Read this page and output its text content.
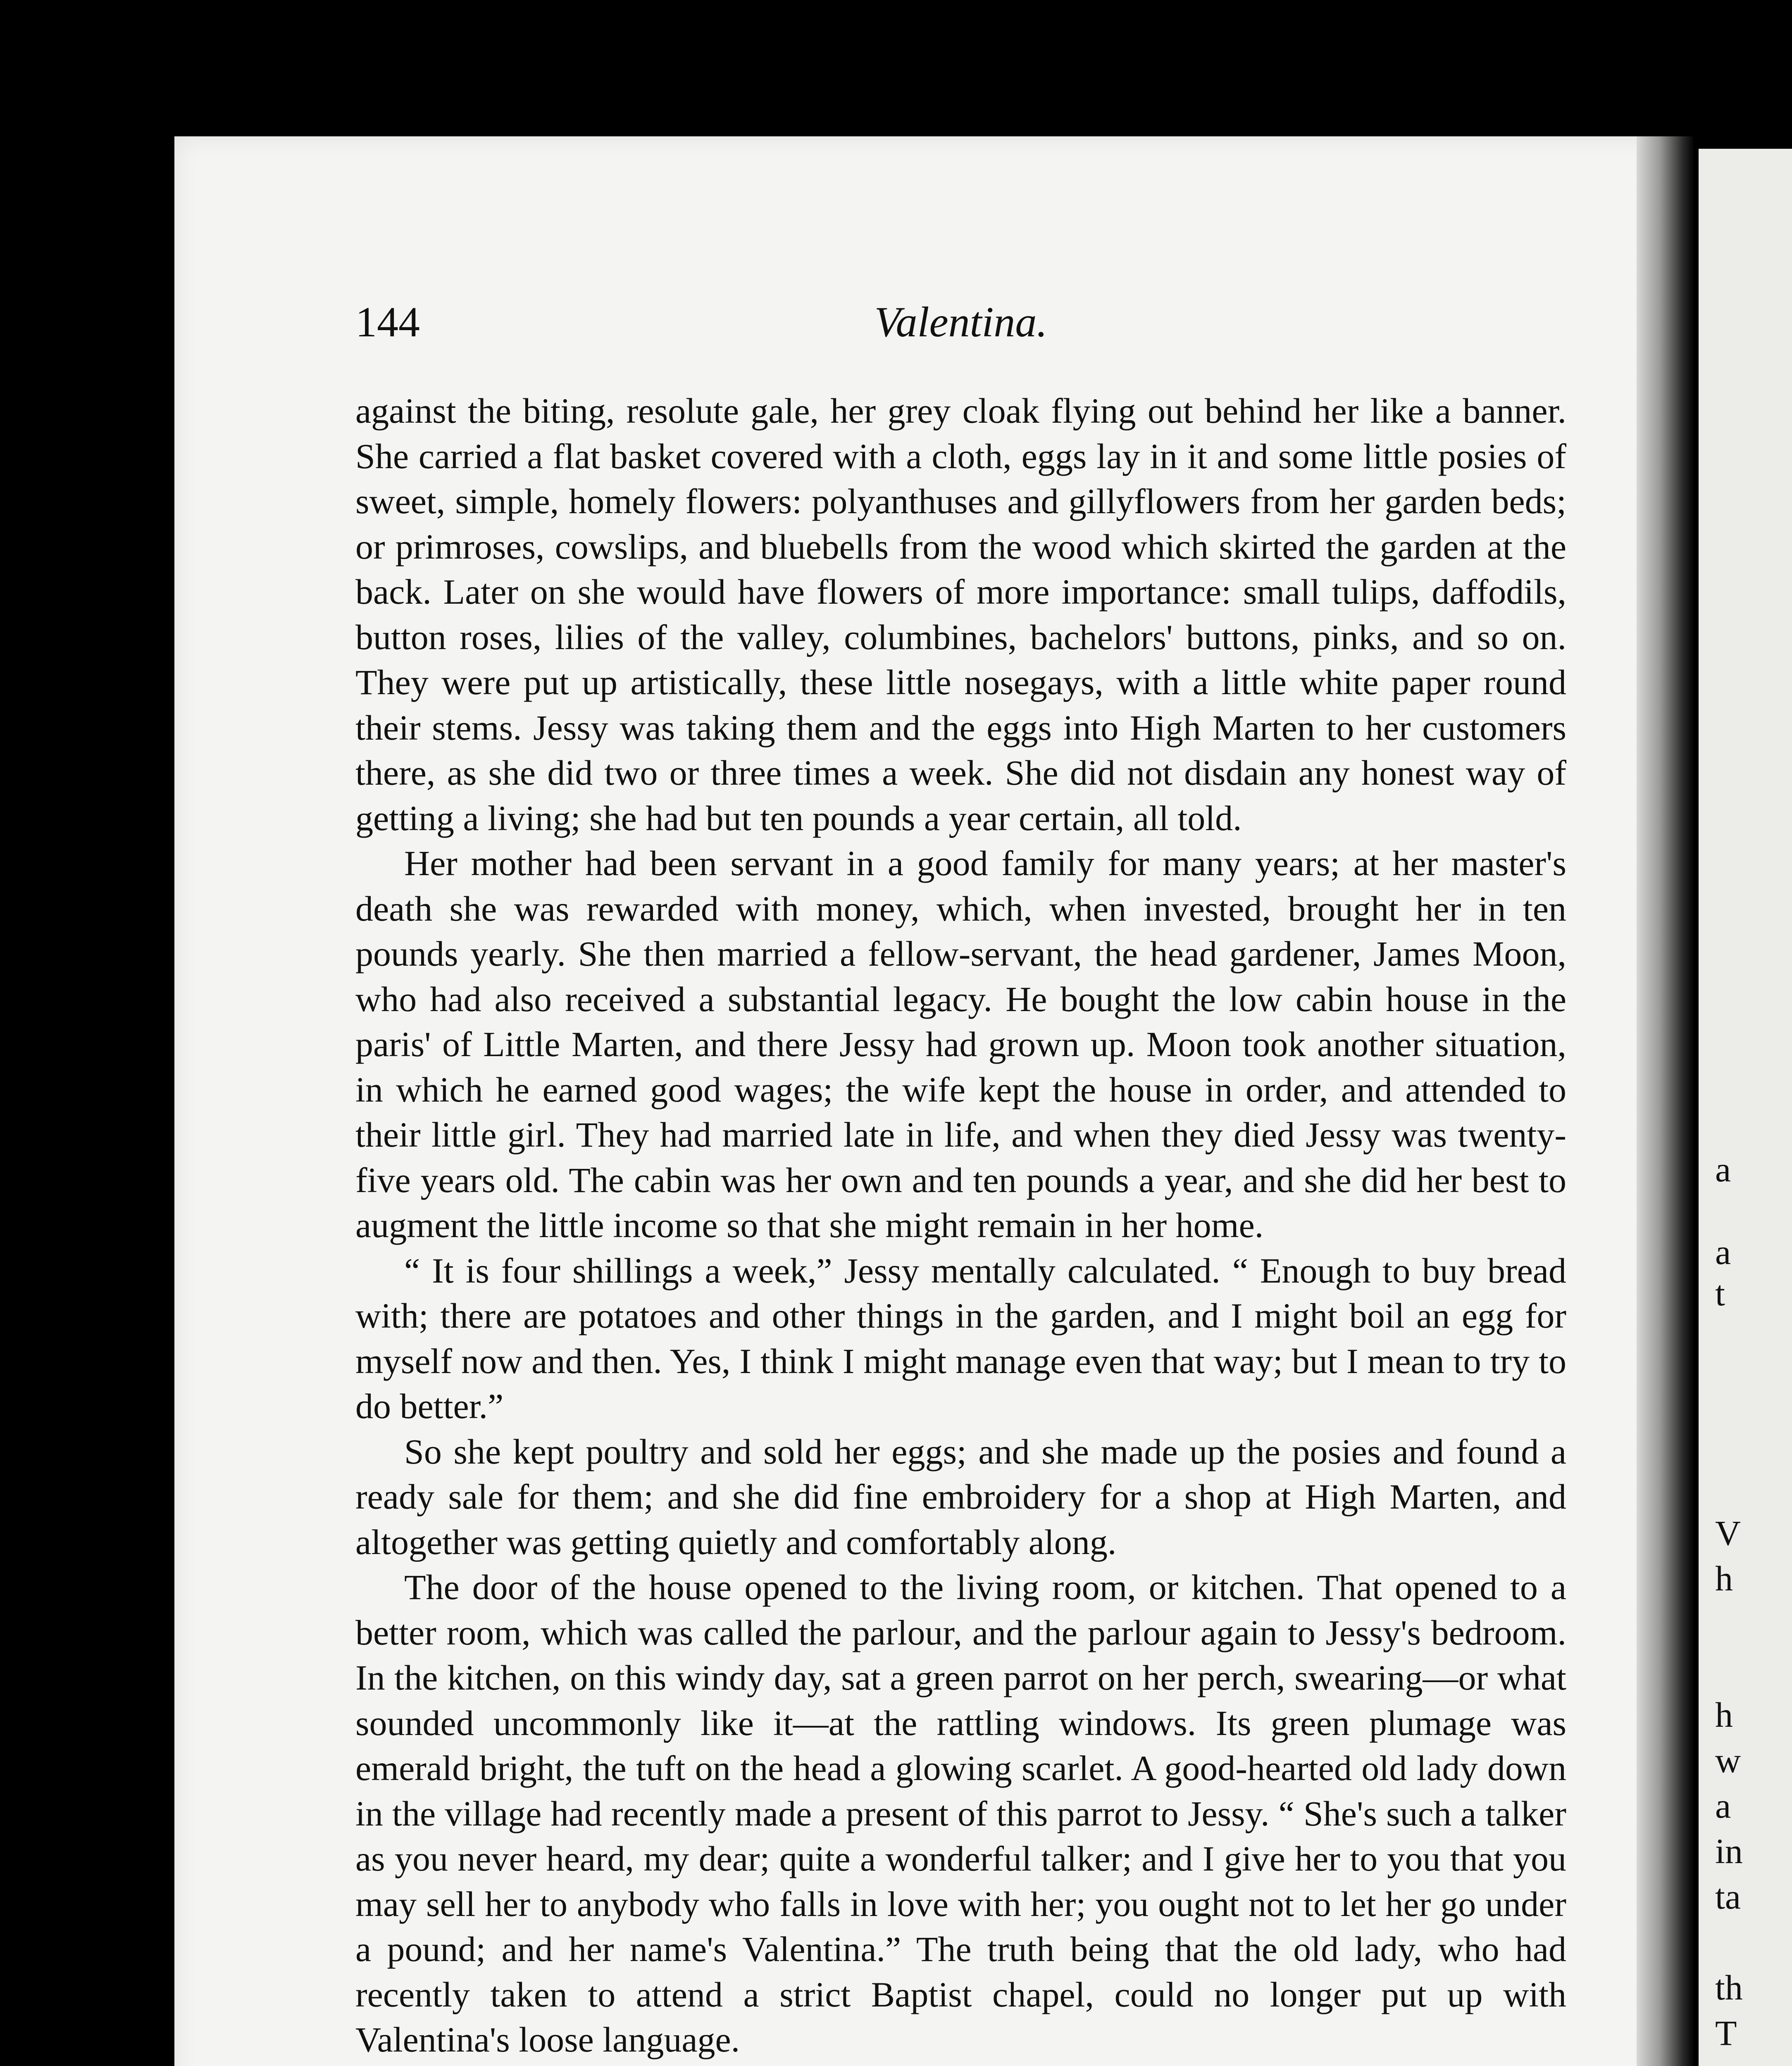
144	Valentina.

against the biting, resolute gale, her grey cloak flying out behind her like a banner. She carried a flat basket covered with a cloth, eggs lay in it and some little posies of sweet, simple, homely flowers: polyanthuses and gillyflowers from her garden beds; or primroses, cowslips, and bluebells from the wood which skirted the garden at the back. Later on she would have flowers of more importance: small tulips, daffodils, button roses, lilies of the valley, columbines, bachelors' buttons, pinks, and so on. They were put up artistically, these little nosegays, with a little white paper round their stems. Jessy was taking them and the eggs into High Marten to her customers there, as she did two or three times a week. She did not disdain any honest way of getting a living; she had but ten pounds a year certain, all told.

Her mother had been servant in a good family for many years; at her master's death she was rewarded with money, which, when invested, brought her in ten pounds yearly. She then married a fellow-servant, the head gardener, James Moon, who had also received a substantial legacy. He bought the low cabin house in the paris' of Little Marten, and there Jessy had grown up. Moon took another situation, in which he earned good wages; the wife kept the house in order, and attended to their little girl. They had married late in life, and when they died Jessy was twenty-five years old. The cabin was her own and ten pounds a year, and she did her best to augment the little income so that she might remain in her home.

“ It is four shillings a week,” Jessy mentally calculated. “ Enough to buy bread with; there are potatoes and other things in the garden, and I might boil an egg for myself now and then. Yes, I think I might manage even that way; but I mean to try to do better.”

So she kept poultry and sold her eggs; and she made up the posies and found a ready sale for them; and she did fine embroidery for a shop at High Marten, and altogether was getting quietly and comfortably along.

The door of the house opened to the living room, or kitchen. That opened to a better room, which was called the parlour, and the parlour again to Jessy's bedroom. In the kitchen, on this windy day, sat a green parrot on her perch, swearing—or what sounded uncommonly like it—at the rattling windows. Its green plumage was emerald bright, the tuft on the head a glowing scarlet. A good-hearted old lady down in the village had recently made a present of this parrot to Jessy. “ She's such a talker as you never heard, my dear; quite a wonderful talker; and I give her to you that you may sell her to anybody who falls in love with her; you ought not to let her go under a pound; and her name's Valentina.” The truth being that the old lady, who had recently taken to attend a strict Baptist chapel, could no longer put up with Valentina's loose language.

a
a
t
V
h
h
w
a
in
ta
th
T
